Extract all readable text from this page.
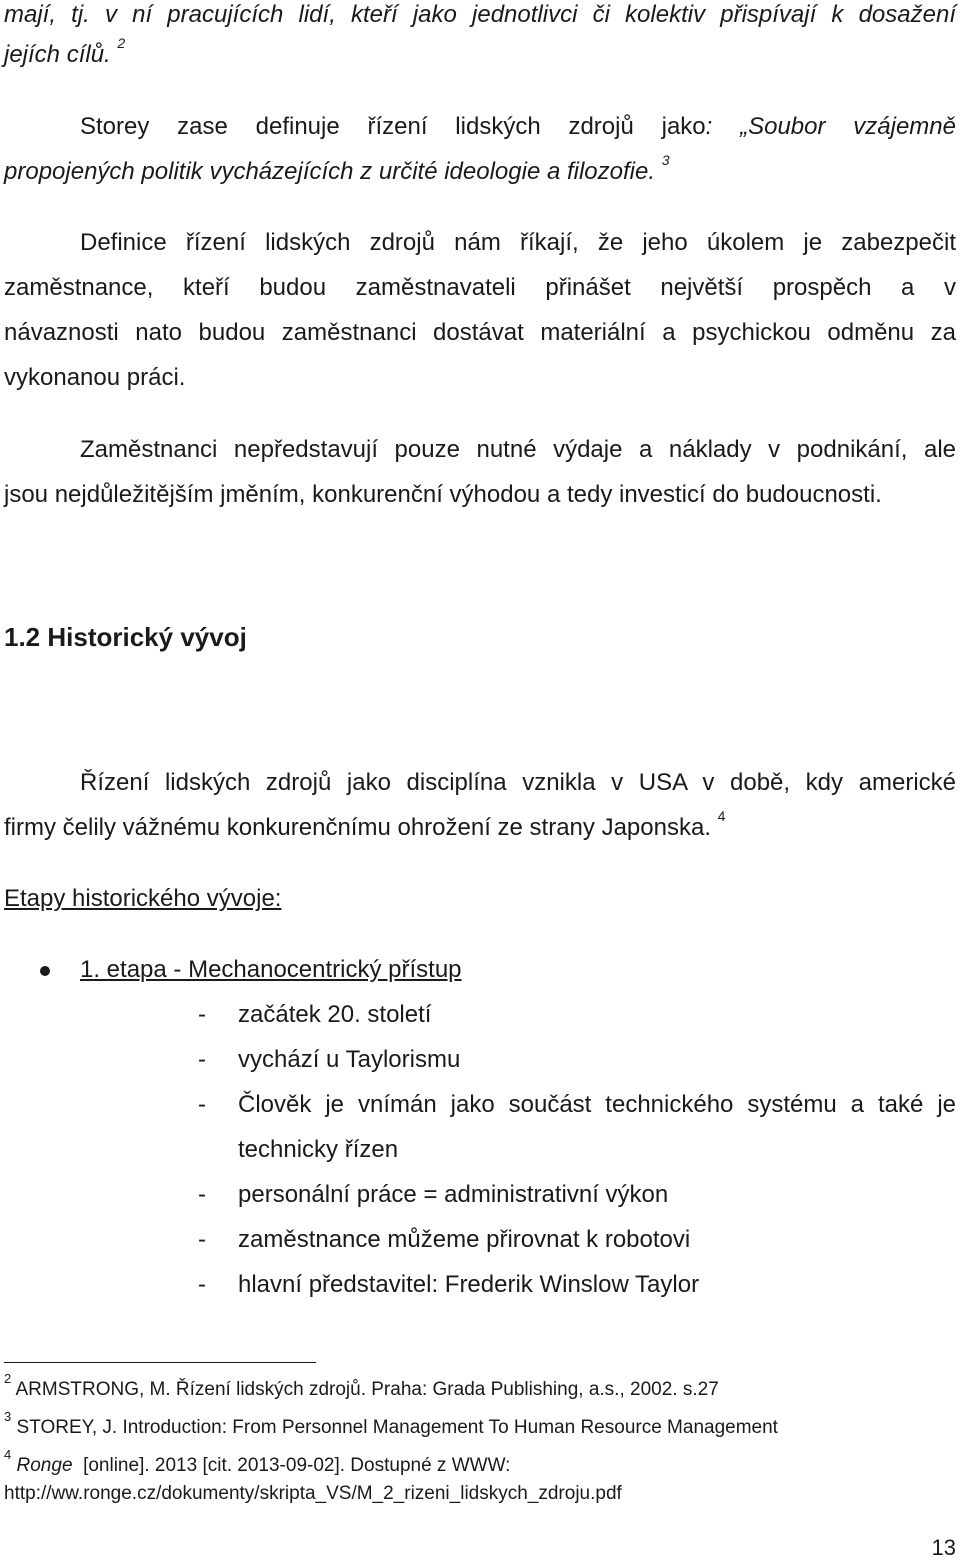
mají, tj. v ní pracujících lidí, kteří jako jednotlivci či kolektiv přispívají k dosažení
jejích cílů. $^2$
Storey zase definuje řízení lidských zdrojů jako: „Soubor vzájemně
propojených politik vycházejících z určité ideologie a filozofie. $^3$
Definice řízení lidských zdrojů nám říkají, že jeho úkolem je zabezpečit
zaměstnance, kteří budou zaměstnavateli přinášet největší prospěch a v
návaznosti nato budou zaměstnanci dostávat materiální a psychickou odměnu za
vykonanou práci.
Zaměstnanci nepředstavují pouze nutné výdaje a náklady v podnikání, ale
jsou nejdůležitějším jměním, konkurenční výhodou a tedy investicí do budoucnosti.
1.2 Historický vývoj
Řízení lidských zdrojů jako disciplína vznikla v USA v době, kdy americké
firmy čelily vážnému konkurenčnímu ohrožení ze strany Japonska. $^4$
Etapy historického vývoje:
1. etapa - Mechanocentrický přístup
- začátek 20. století
- vychází u Taylorismu
- Člověk je vnímán jako součást technického systému a také je
technicky řízen
- personální práce = administrativní výkon
- zaměstnance můžeme přirovnat k robotovi
- hlavní představitel: Frederik Winslow Taylor
$^2$ ARMSTRONG, M. Řízení lidských zdrojů. Praha: Grada Publishing, a.s., 2002. s.27
$^3$ STOREY, J. Introduction: From Personnel Management To Human Resource Management
$^4$ Ronge [online]. 2013 [cit. 2013-09-02]. Dostupné z WWW:
http://ww.ronge.cz/dokumenty/skripta_VS/M_2_rizeni_lidskych_zdroju.pdf
13
